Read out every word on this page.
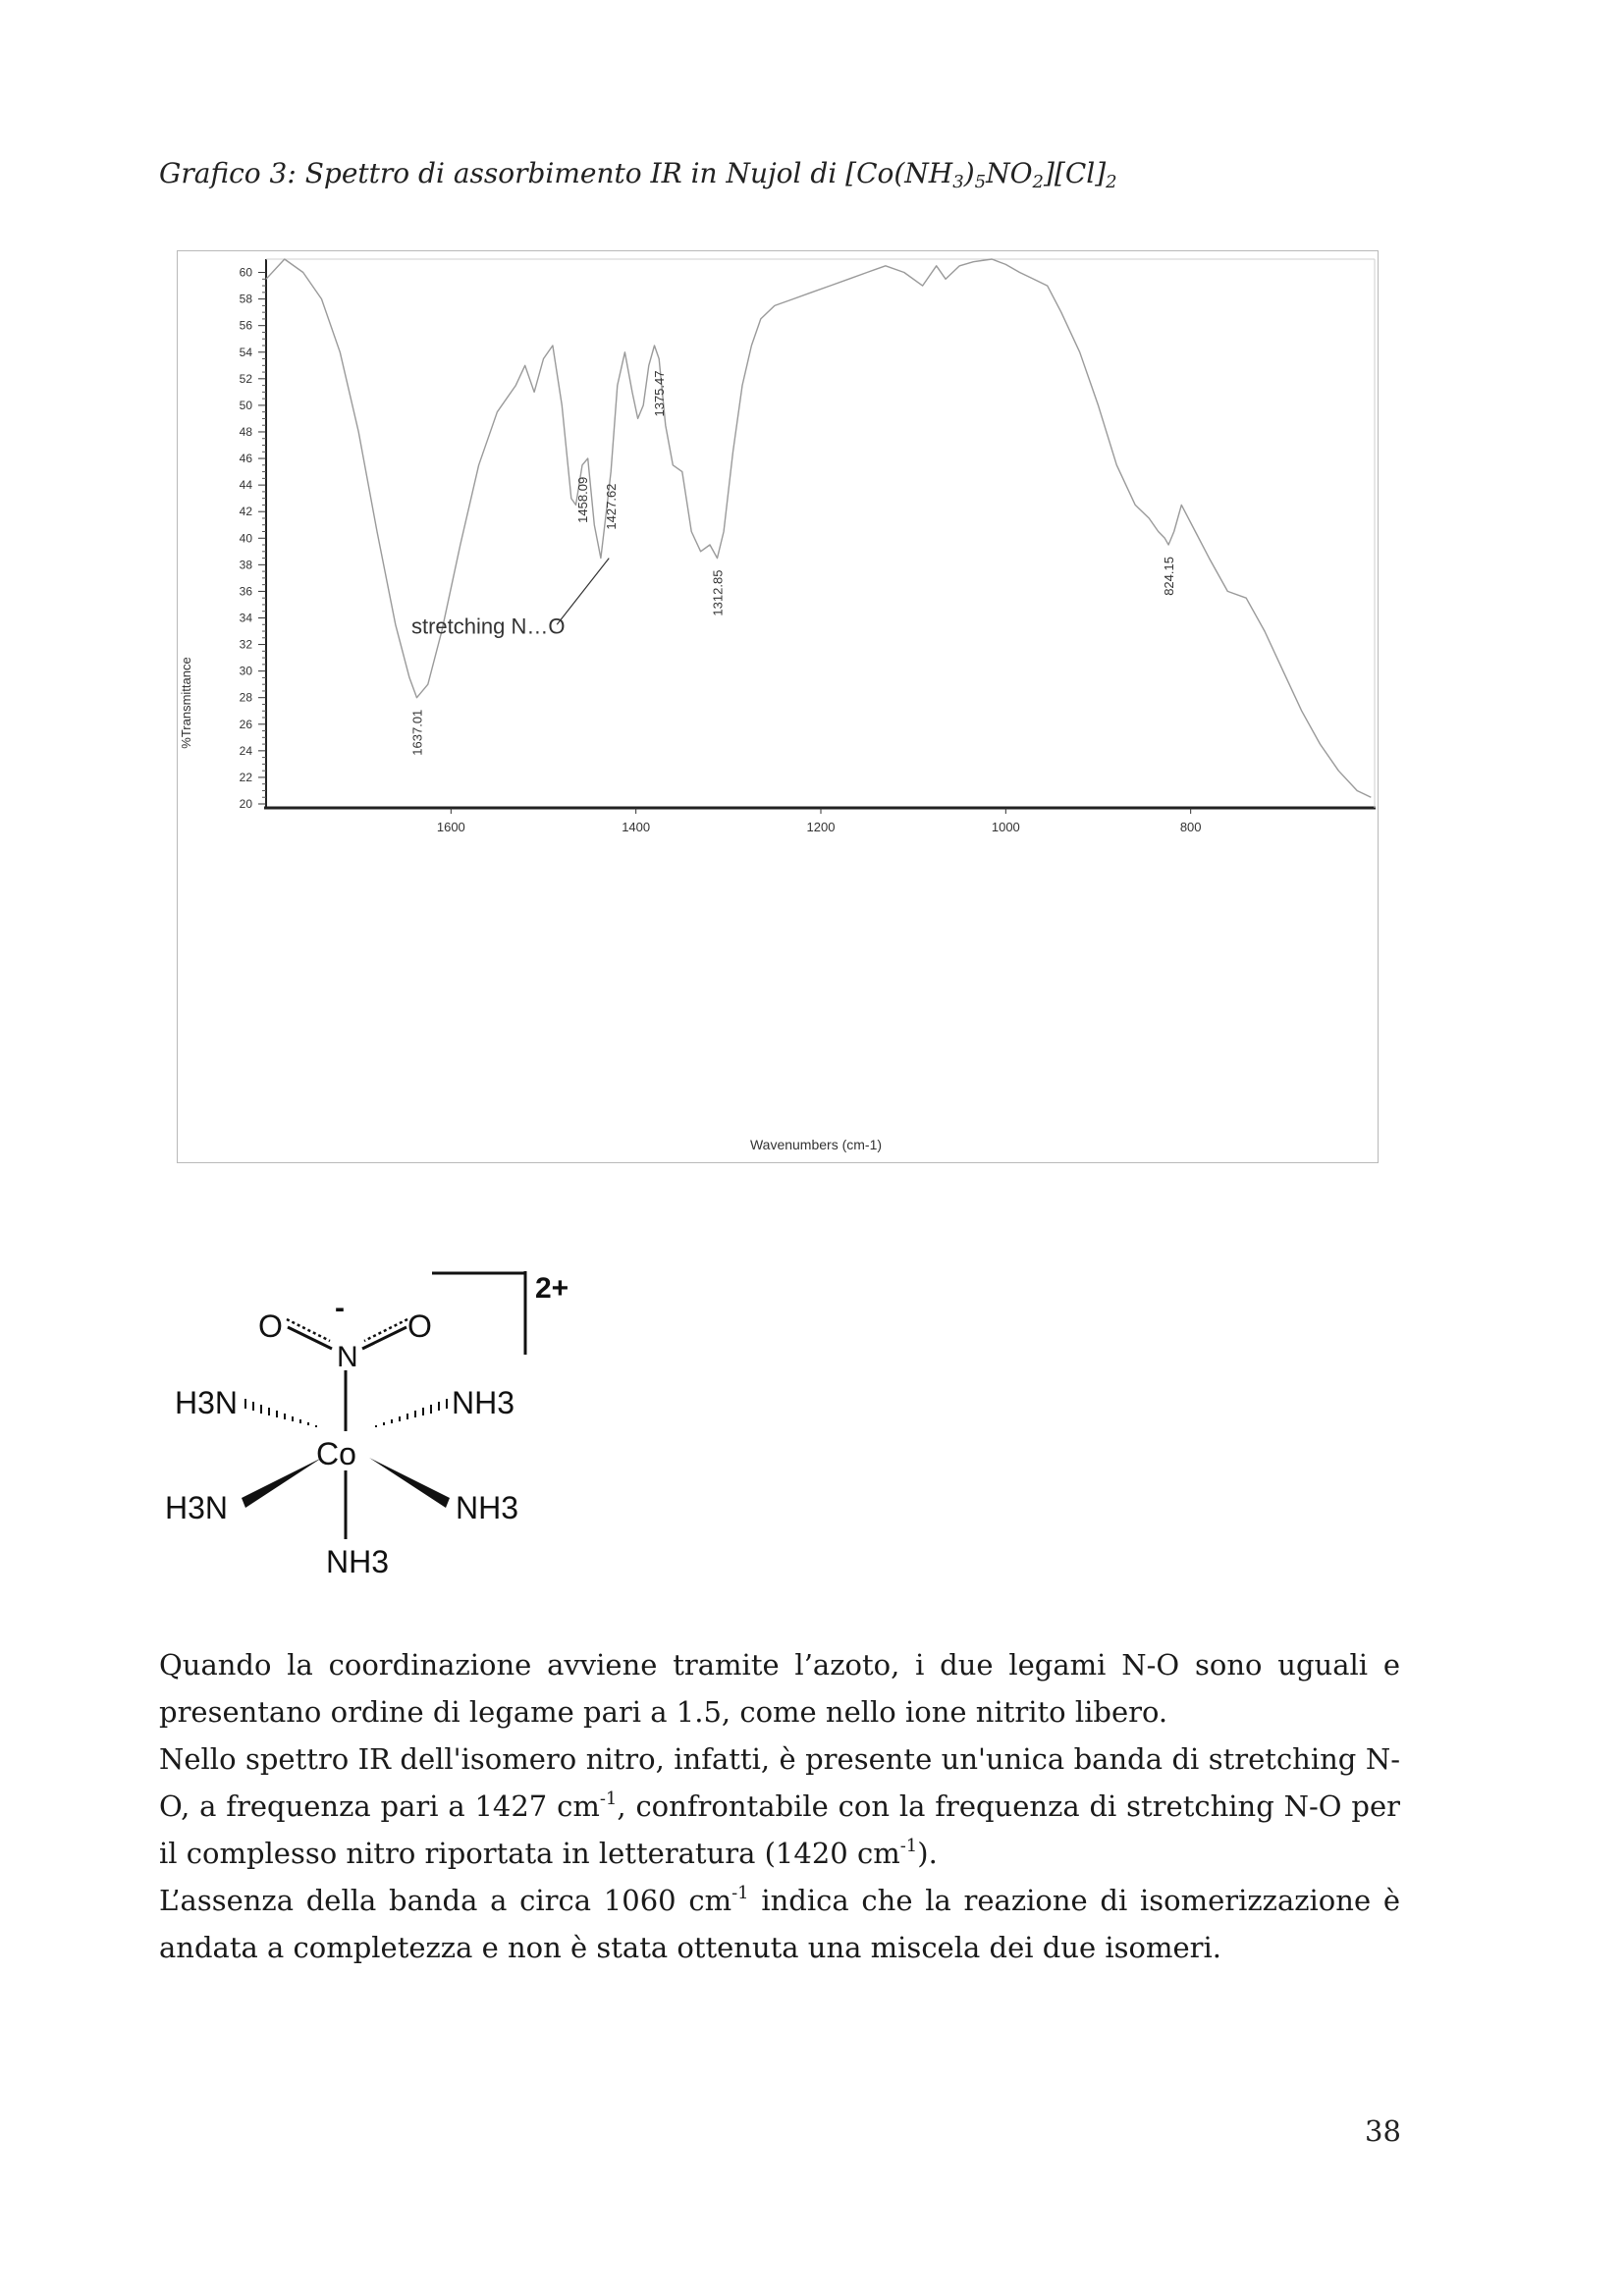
Grafico 3: Spettro di assorbimento IR in Nujol di $[Co(NH_3)_5NO_2][Cl]_2$
60
58
56
54
52
50
48
46
44
42
40
38
36
34
32
30
28
26
24
22
20
1600	1400	1200	1000	800
1637.01
1458.09 1427.62
1375.47
1312.85	824.15
stretching N…O
%Transmittance
Wavenumbers (cm-1)
2+
O	O
-
N
Co
H3N	NH3
H3N	NH3
NH3
Quando la coordinazione avviene tramite l’azoto, i due legami N-O sono uguali e
presentano ordine di legame pari a 1.5, come nello ione nitrito libero.
Nello spettro IR dell'isomero nitro, infatti, è presente un'unica banda di stretching N-
O, a frequenza pari a 1427 $cm^{-1}$, confrontabile con la frequenza di stretching N-O per
il complesso nitro riportata in letteratura (1420 $cm^{-1}$).
L’assenza della banda a circa 1060 $cm^{-1}$ indica che la reazione di isomerizzazione è
andata a completezza e non è stata ottenuta una miscela dei due isomeri.
38
